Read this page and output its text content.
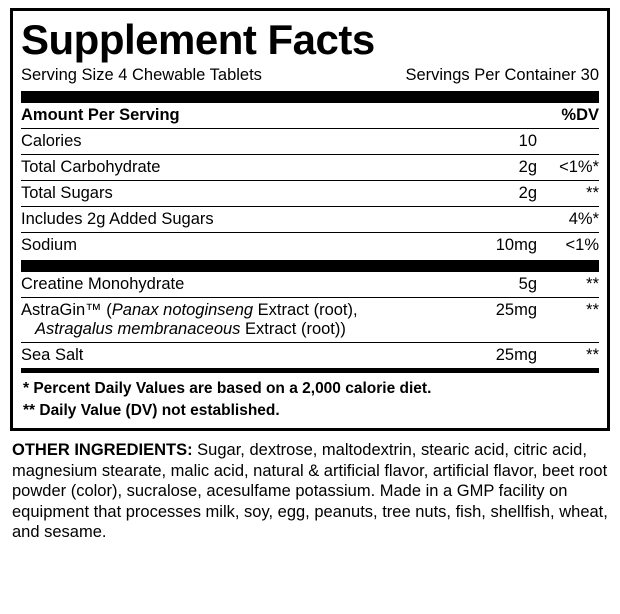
Supplement Facts
Serving Size 4 Chewable Tablets	Servings Per Container 30
Amount Per Serving		%DV
Calories	10	
Total Carbohydrate	2g	<1%*
Total Sugars	2g	**
Includes 2g Added Sugars		4%*
Sodium	10mg	<1%
Creatine Monohydrate	5g	**
AstraGin™ (Panax notoginseng Extract (root),
Astragalus membranaceous Extract (root))	25mg	**
Sea Salt	25mg	**
* Percent Daily Values are based on a 2,000 calorie diet.
** Daily Value (DV) not established.
OTHER INGREDIENTS: Sugar, dextrose, maltodextrin, stearic acid, citric acid, magnesium stearate, malic acid, natural & artificial flavor, artificial flavor, beet root powder (color), sucralose, acesulfame potassium. Made in a GMP facility on equipment that processes milk, soy, egg, peanuts, tree nuts, fish, shellfish, wheat, and sesame.
